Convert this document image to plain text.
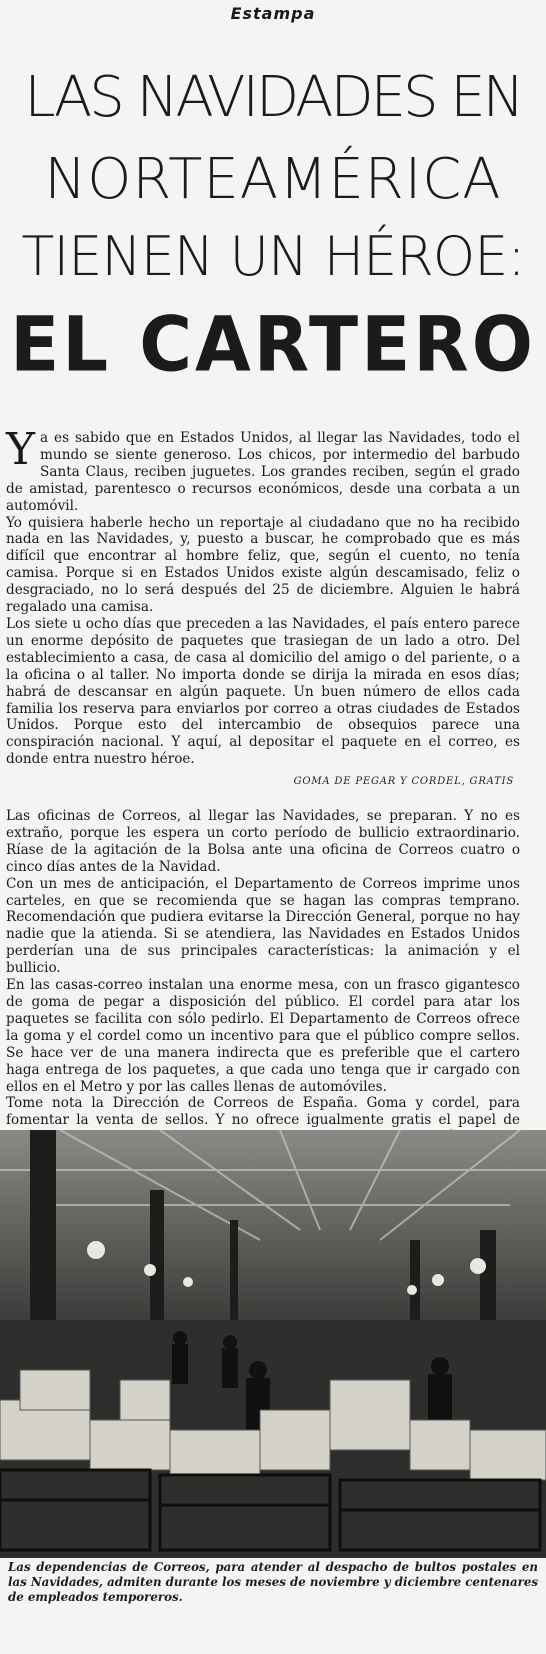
Estampa
LAS NAVIDADES EN
NORTEAMÉRICA
TIENEN UN HÉROE:
EL CARTERO

Ya es sabido que en Estados Unidos, al llegar las Navidades, todo el mundo se siente generoso. Los chicos, por intermedio del barbudo Santa Claus, reciben juguetes. Los grandes reciben, según el grado de amistad, parentesco o recursos económicos, desde una corbata a un automóvil.

Yo quisiera haberle hecho un reportaje al ciudadano que no ha recibido nada en las Navidades, y, puesto a buscar, he comprobado que es más difícil que encontrar al hombre feliz, que, según el cuento, no tenía camisa. Porque si en Estados Unidos existe algún descamisado, feliz o desgraciado, no lo será después del 25 de diciembre. Alguien le habrá regalado una camisa.

Los siete u ocho días que preceden a las Navidades, el país entero parece un enorme depósito de paquetes que trasiegan de un lado a otro. Del establecimiento a casa, de casa al domicilio del amigo o del pariente, o a la oficina o al taller. No importa donde se dirija la mirada en esos días; habrá de descansar en algún paquete. Un buen número de ellos cada familia los reserva para enviarlos por correo a otras ciudades de Estados Unidos. Porque esto del intercambio de obsequios parece una conspiración nacional. Y aquí, al depositar el paquete en el correo, es donde entra nuestro héroe.

GOMA DE PEGAR Y CORDEL, GRATIS

Las oficinas de Correos, al llegar las Navidades, se preparan. Y no es extraño, porque les espera un corto período de bullicio extraordinario. Ríase de la agitación de la Bolsa ante una oficina de Correos cuatro o cinco días antes de la Navidad.

Con un mes de anticipación, el Departamento de Correos imprime unos carteles, en que se recomienda que se hagan las compras temprano. Recomendación que pudiera evitarse la Dirección General, porque no hay nadie que la atienda. Si se atendiera, las Navidades en Estados Unidos perderían una de sus principales características: la animación y el bullicio.

En las casas-correo instalan una enorme mesa, con un frasco gigantesco de goma de pegar a disposición del público. El cordel para atar los paquetes se facilita con sólo pedirlo. El Departamento de Correos ofrece la goma y el cordel como un incentivo para que el público compre sellos. Se hace ver de una manera indirecta que es preferible que el cartero haga entrega de los paquetes, a que cada uno tenga que ir cargado con ellos en el Metro y por las calles llenas de automóviles.

Tome nota la Dirección de Correos de España. Goma y cordel, para fomentar la venta de sellos. Y no ofrece igualmente gratis el papel de

Las dependencias de Correos, para atender al despacho de bultos postales en las Navidades, admiten durante los meses de noviembre y diciembre centenares de empleados temporeros.
